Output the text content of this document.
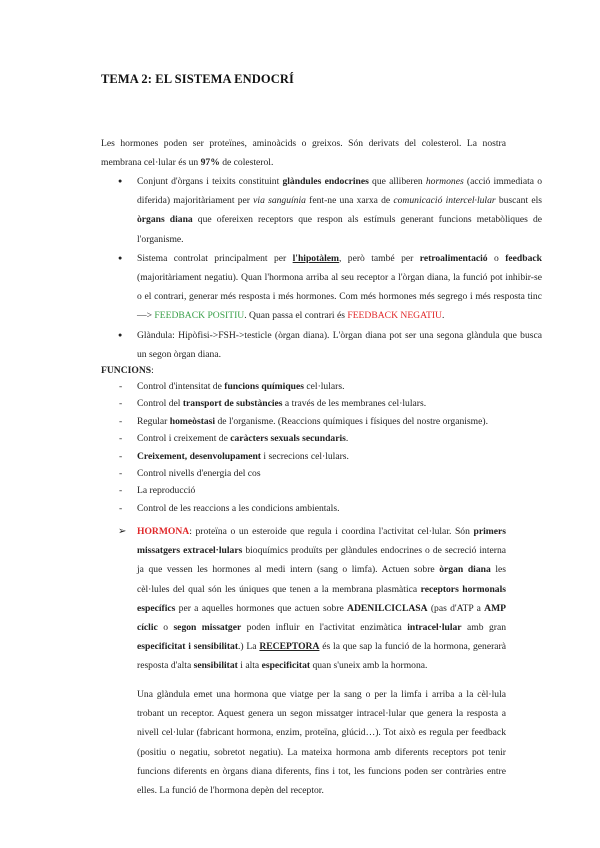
TEMA 2: EL SISTEMA ENDOCRÍ

Les hormones poden ser proteïnes, aminoàcids o greixos. Són derivats del colesterol. La nostra membrana cel·lular és un 97% de colesterol.

● Conjunt d'òrgans i teixits constituint glàndules endocrines que alliberen hormones (acció immediata o diferida) majoritàriament per via sanguínia fent-ne una xarxa de comunicació intercel·lular buscant els òrgans diana que ofereixen receptors que respon als estímuls generant funcions metabòliques de l'organisme.
● Sistema controlat principalment per l'hipotàlem, però també per retroalimentació o feedback (majoritàriament negatiu). Quan l'hormona arriba al seu receptor a l'òrgan diana, la funció pot inhibir-se o el contrari, generar més resposta i més hormones. Com més hormones més segrego i més resposta tinc —> FEEDBACK POSITIU. Quan passa el contrari és FEEDBACK NEGATIU.
● Glàndula: Hipòfisi->FSH->testicle (òrgan diana). L'òrgan diana pot ser una segona glàndula que busca un segon òrgan diana.
FUNCIONS:
- Control d'intensitat de funcions químiques cel·lulars.
- Control del transport de substàncies a través de les membranes cel·lulars.
- Regular homeòstasi de l'organisme. (Reaccions químiques i físiques del nostre organisme).
- Control i creixement de caràcters sexuals secundaris.
- Creixement, desenvolupament i secrecions cel·lulars.
- Control nivells d'energia del cos
- La reproducció
- Control de les reaccions a les condicions ambientals.

➢ HORMONA: proteïna o un esteroide que regula i coordina l'activitat cel·lular. Són primers missatgers extracel·lulars bioquímics produïts per glàndules endocrines o de secreció interna ja que vessen les hormones al medi intern (sang o limfa). Actuen sobre òrgan diana les cèl·lules del qual són les úniques que tenen a la membrana plasmàtica receptors hormonals específics per a aquelles hormones que actuen sobre ADENILCICLASA (pas d'ATP a AMP cíclic o segon missatger poden influir en l'activitat enzimàtica intracel·lular amb gran especificitat i sensibilitat.) La RECEPTORA és la que sap la funció de la hormona, generarà resposta d'alta sensibilitat i alta especificitat quan s'uneix amb la hormona.

Una glàndula emet una hormona que viatge per la sang o per la limfa i arriba a la cèl·lula trobant un receptor. Aquest genera un segon missatger intracel·lular que genera la resposta a nivell cel·lular (fabricant hormona, enzim, proteïna, glúcid…). Tot això es regula per feedback (positiu o negatiu, sobretot negatiu). La mateixa hormona amb diferents receptors pot tenir funcions diferents en òrgans diana diferents, fins i tot, les funcions poden ser contràries entre elles. La funció de l'hormona depèn del receptor.
